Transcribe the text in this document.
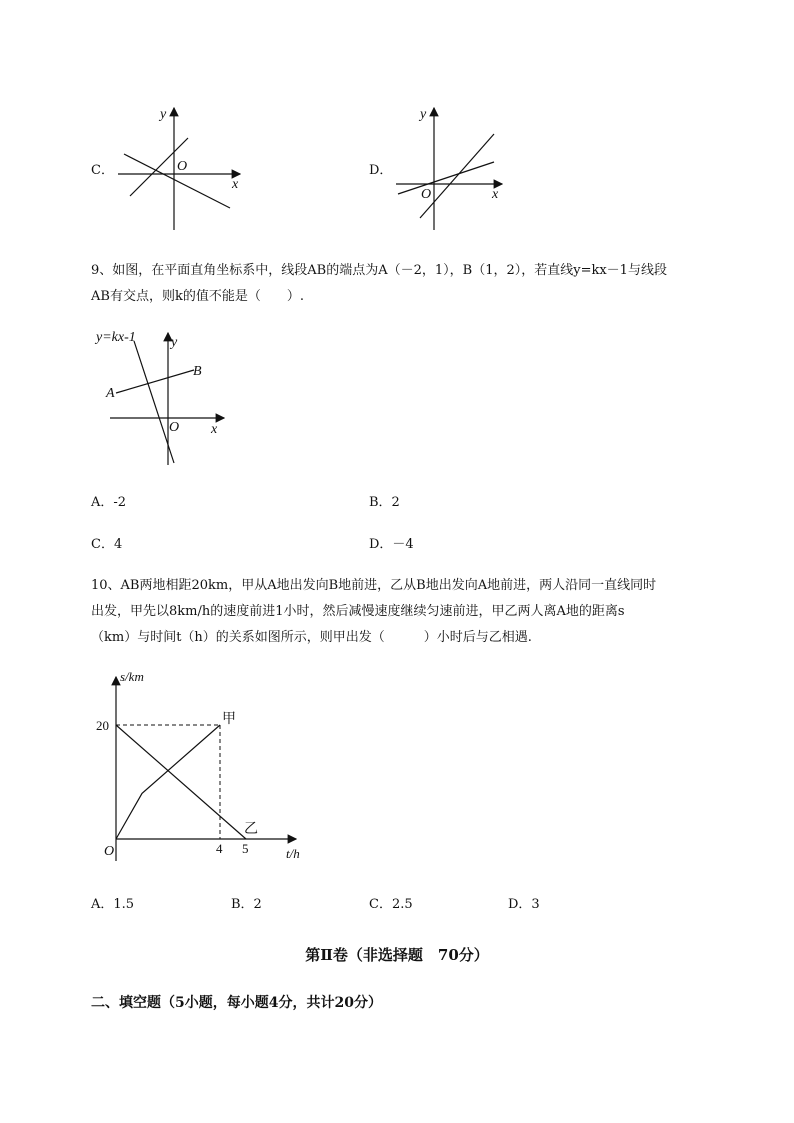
C．
y
O
x
D．
y
O	x
9、如图，在平面直角坐标系中，线段AB的端点为A（－2，1），B（1，2），若直线y=kx－1与线段
AB有交点，则k的值不能是（　　）.
y=kx-1	y
A
B
O x
A．-2	B．2
C．4	D．－4
10、AB两地相距20km，甲从A地出发向B地前进，乙从B地出发向A地前进，两人沿同一直线同时
出发，甲先以8km/h的速度前进1小时，然后减慢速度继续匀速前进，甲乙两人离A地的距离s
（km）与时间t（h）的关系如图所示，则甲出发（　　　）小时后与乙相遇.
s/km
t/h
O
20
4 5
甲
乙
A．1.5	B．2	C．2.5	D．3
第Ⅱ卷（非选择题　70分）
二、填空题（5小题，每小题4分，共计20分）
